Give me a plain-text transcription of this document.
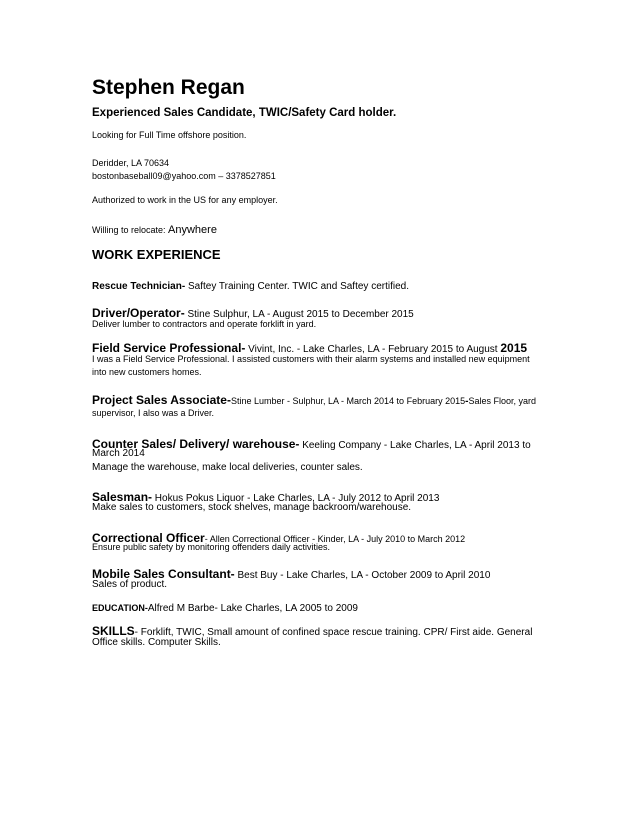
Stephen Regan
Experienced Sales Candidate, TWIC/Safety Card holder.
Looking for Full Time offshore position.
Deridder, LA 70634
bostonbaseball09@yahoo.com – 3378527851
Authorized to work in the US for any employer.
Willing to relocate: Anywhere
WORK EXPERIENCE
Rescue Technician- Saftey Training Center. TWIC and Saftey certified.
Driver/Operator- Stine Sulphur, LA - August 2015 to December 2015
Deliver lumber to contractors and operate forklift in yard.
Field Service Professional- Vivint, Inc. - Lake Charles, LA - February 2015 to August 2015
I was a Field Service Professional. I assisted customers with their alarm systems and installed new equipment
into new customers homes.
Project Sales Associate-Stine Lumber - Sulphur, LA - March 2014 to February 2015-Sales Floor, yard
supervisor, I also was a Driver.
Counter Sales/ Delivery/ warehouse- Keeling Company - Lake Charles, LA - April 2013 to
March 2014
Manage the warehouse, make local deliveries, counter sales.
Salesman- Hokus Pokus Liquor - Lake Charles, LA - July 2012 to April 2013
Make sales to customers, stock shelves, manage backroom/warehouse.
Correctional Officer- Allen Correctional Officer - Kinder, LA - July 2010 to March 2012
Ensure public safety by monitoring offenders daily activities.
Mobile Sales Consultant- Best Buy - Lake Charles, LA - October 2009 to April 2010
Sales of product.
EDUCATION-Alfred M Barbe- Lake Charles, LA 2005 to 2009
SKILLS- Forklift, TWIC, Small amount of confined space rescue training. CPR/ First aide. General
Office skills. Computer Skills.
